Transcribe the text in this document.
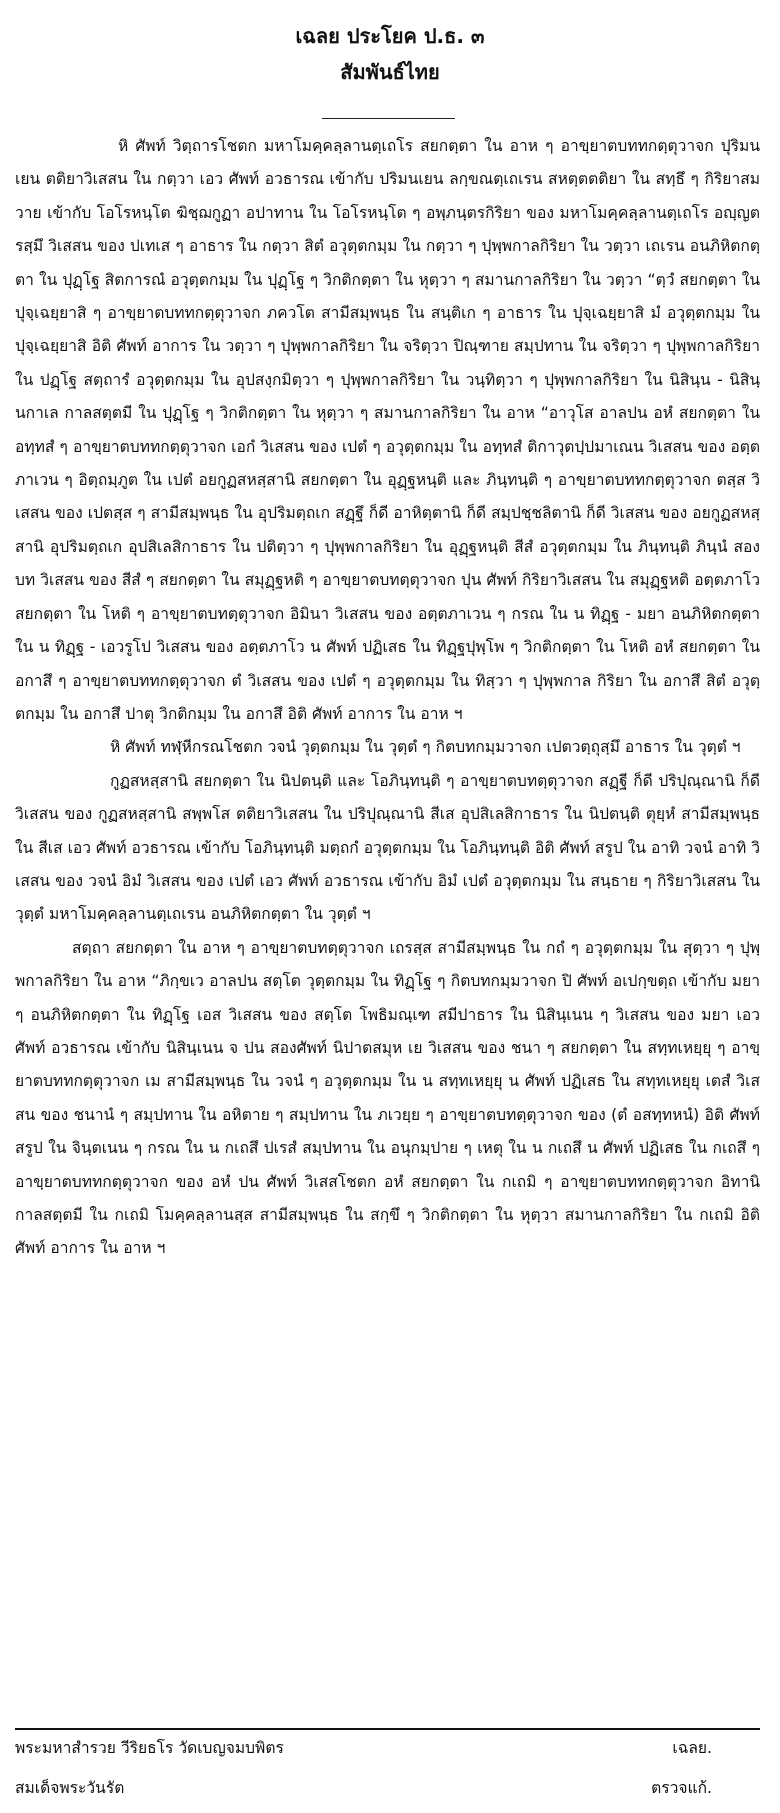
เฉลย ประโยค ป.ธ. ๓
สัมพันธ์ไทย

หิ ศัพท์ วิตฺถารโชตก มหาโมคฺคลฺลานตฺเถโร สยกตฺตา ใน อาห ๆ อาขฺยาตบททกตฺตุวาจก ปุริมนเยน ตติยาวิเสสน ใน กตฺวา เอว ศัพท์ อวธารณ เข้ากับ ปริมนเยน ลกฺขณตฺเถเรน สหตฺตตติยา ใน สทฺธึ ๆ กิริยาสมวาย เข้ากับ โอโรหนฺโต ฆิชฺฌกูฏา อปาทาน ใน โอโรหนฺโต ๆ อพฺภนฺตรกิริยา ของ มหาโมคฺคลฺลานตฺเถโร อญฺญตรสฺมึ วิเสสน ของ ปเทเส ๆ อาธาร ใน กตฺวา สิตํ อวุตฺตกมฺม ใน กตฺวา ๆ ปุพฺพกาลกิริยา ใน วตฺวา เถเรน อนภิหิตกตฺตา ใน ปุฏฺโฐ สิตการณํ อวุตฺตกมฺม ใน ปุฏฺโฐ ๆ วิกติกตฺตา ใน หุตฺวา ๆ สมานกาลกิริยา ใน วตฺวา “ตฺวํ สยกตฺตา ใน ปุจฺเฉยฺยาสิ ๆ อาขฺยาตบททกตฺตุวาจก ภควโต สามีสมฺพนฺธ ใน สนฺติเก ๆ อาธาร ใน ปุจฺเฉยฺยาสิ มํ อวุตฺตกมฺม ใน ปุจฺเฉยฺยาสิ อิติ ศัพท์ อาการ ใน วตฺวา ๆ ปุพฺพกาลกิริยา ใน จริตฺวา ปิณฺฑาย สมฺปทาน ใน จริตฺวา ๆ ปุพฺพกาลกิริยา ใน ปฏฺโฐ สตฺถารํ อวุตฺตกมฺม ใน อุปสงฺกมิตฺวา ๆ ปุพฺพกาลกิริยา ใน วนฺทิตฺวา ๆ ปุพฺพกาลกิริยา ใน นิสินฺน - นิสินฺนกาเล กาลสตฺตมี ใน ปุฏฺโฐ ๆ วิกติกตฺตา ใน หุตฺวา ๆ สมานกาลกิริยา ใน อาห “อาวุโส อาลปน อหํ สยกตฺตา ใน อทฺทสํ ๆ อาขฺยาตบททกตฺตุวาจก เอกํ วิเสสน ของ เปตํ ๆ อวุตฺตกมฺม ใน อทฺทสํ ติกาวุตปฺปมาเณน วิเสสน ของ อตฺตภาเวน ๆ อิตฺถมฺภูต ใน เปตํ อยกูฏสหสฺสานิ สยกตฺตา ใน อุฏฺฐหนฺติ และ ภินฺทนฺติ ๆ อาขฺยาตบททกตฺตุวาจก ตสฺส วิเสสน ของ เปตสฺส ๆ สามีสมฺพนฺธ ใน อุปริมตฺถเก สฏฺฐึ ก็ดี อาหิตฺตานิ ก็ดี สมฺปชฺชลิตานิ ก็ดี วิเสสน ของ อยกูฏสหสฺสานิ อุปริมตฺถเก อุปสิเลสิกาธาร ใน ปติตฺวา ๆ ปุพฺพกาลกิริยา ใน อุฏฺฐหนฺติ สีสํ อวุตฺตกมฺม ใน ภินฺทนฺติ ภินฺนํ สองบท วิเสสน ของ สีสํ ๆ สยกตฺตา ใน สมุฏฺฐหติ ๆ อาขฺยาตบทตฺตุวาจก ปุน ศัพท์ กิริยาวิเสสน ใน สมุฏฺฐหติ อตฺตภาโว สยกตฺตา ใน โหติ ๆ อาขฺยาตบทตฺตุวาจก อิมินา วิเสสน ของ อตฺตภาเวน ๆ กรณ ใน น ทิฏฺฐ - มยา อนภิหิตกตฺตา ใน น ทิฏฺฐ - เอวรูโป วิเสสน ของ อตฺตภาโว น ศัพท์ ปฏิเสธ ใน ทิฏฺฐปุพฺโพ ๆ วิกติกตฺตา ใน โหติ อหํ สยกตฺตา ใน อกาสึ ๆ อาขฺยาตบททกตฺตุวาจก ตํ วิเสสน ของ เปตํ ๆ อวุตฺตกมฺม ใน ทิสฺวา ๆ ปุพฺพกาล กิริยา ใน อกาสึ สิตํ อวุตฺตกมฺม ใน อกาสึ ปาตุ วิกติกมฺม ใน อกาสึ อิติ ศัพท์ อาการ ใน อาห ฯ

หิ ศัพท์ ทฬฺหีกรณโชตก วจนํ วุตฺตกมฺม ใน วุตฺตํ ๆ กิตบทกมฺมวาจก เปตวตฺถุสฺมึ อาธาร ใน วุตฺตํ ฯ

กูฏสหสฺสานิ สยกตฺตา ใน นิปตนฺติ และ โอภินฺทนฺติ ๆ อาขฺยาตบทตฺตุวาจก สฏฺฐี ก็ดี ปริปุณฺณานิ ก็ดี วิเสสน ของ กูฏสหสฺสานิ สพฺพโส ตติยาวิเสสน ใน ปริปุณฺณานิ สีเส อุปสิเลสิกาธาร ใน นิปตนฺติ ตุยฺหํ สามีสมฺพนฺธ ใน สีเส เอว ศัพท์ อวธารณ เข้ากับ โอภินฺทนฺติ มตฺถกํ อวุตฺตกมฺม ใน โอภินฺทนฺติ อิติ ศัพท์ สรูป ใน อาทิ วจนํ อาทิ วิเสสน ของ วจนํ อิมํ วิเสสน ของ เปตํ เอว ศัพท์ อวธารณ เข้ากับ อิมํ เปตํ อวุตฺตกมฺม ใน สนฺธาย ๆ กิริยาวิเสสน ใน วุตฺตํ มหาโมคฺคลฺลานตฺเถเรน อนภิหิตกตฺตา ใน วุตฺตํ ฯ

สตฺถา สยกตฺตา ใน อาห ๆ อาขฺยาตบทตฺตุวาจก เถรสฺส สามีสมฺพนฺธ ใน กถํ ๆ อวุตฺตกมฺม ใน สุตฺวา ๆ ปุพฺพกาลกิริยา ใน อาห “ภิกฺขเว อาลปน สตฺโต วุตฺตกมฺม ใน ทิฏฺโฐ ๆ กิตบทกมฺมวาจก ปิ ศัพท์ อเปกฺขตฺถ เข้ากับ มยา ๆ อนภิหิตกตฺตา ใน ทิฏฺโฐ เอส วิเสสน ของ สตฺโต โพธิมณฺเฑ สมีปาธาร ใน นิสินฺเนน ๆ วิเสสน ของ มยา เอว ศัพท์ อวธารณ เข้ากับ นิสินฺเนน จ ปน สองศัพท์ นิปาตสมุห เย วิเสสน ของ ชนา ๆ สยกตฺตา ใน สทฺทเหยฺยุ ๆ อาขฺยาตบททกตฺตุวาจก เม สามีสมฺพนฺธ ใน วจนํ ๆ อวุตฺตกมฺม ใน น สทฺทเหยฺยุ น ศัพท์ ปฏิเสธ ใน สทฺทเหยฺยุ เตสํ วิเสสน ของ ชนานํ ๆ สมฺปทาน ใน อหิตาย ๆ สมฺปทาน ใน ภเวยฺย ๆ อาขฺยาตบทตฺตุวาจก ของ (ตํ อสทฺทหนํ) อิติ ศัพท์ สรูป ใน จินฺตเนน ๆ กรณ ใน น กเถสึ ปเรสํ สมฺปทาน ใน อนุกมฺปาย ๆ เหตุ ใน น กเถสึ น ศัพท์ ปฏิเสธ ใน กเถสึ ๆ อาขฺยาตบททกตฺตุวาจก ของ อหํ ปน ศัพท์ วิเสสโชตก อหํ สยกตฺตา ใน กเถมิ ๆ อาขฺยาตบททกตฺตุวาจก อิทานิ กาลสตฺตมี ใน กเถมิ โมคฺคลฺลานสฺส สามีสมฺพนฺธ ใน สกฺขึ ๆ วิกติกตฺตา ใน หุตฺวา สมานกาลกิริยา ใน กเถมิ อิติ ศัพท์ อาการ ใน อาห ฯ

พระมหาสำรวย วีริยธโร วัดเบญจมบพิตร	เฉลย.
สมเด็จพระวันรัต	ตรวจแก้.
